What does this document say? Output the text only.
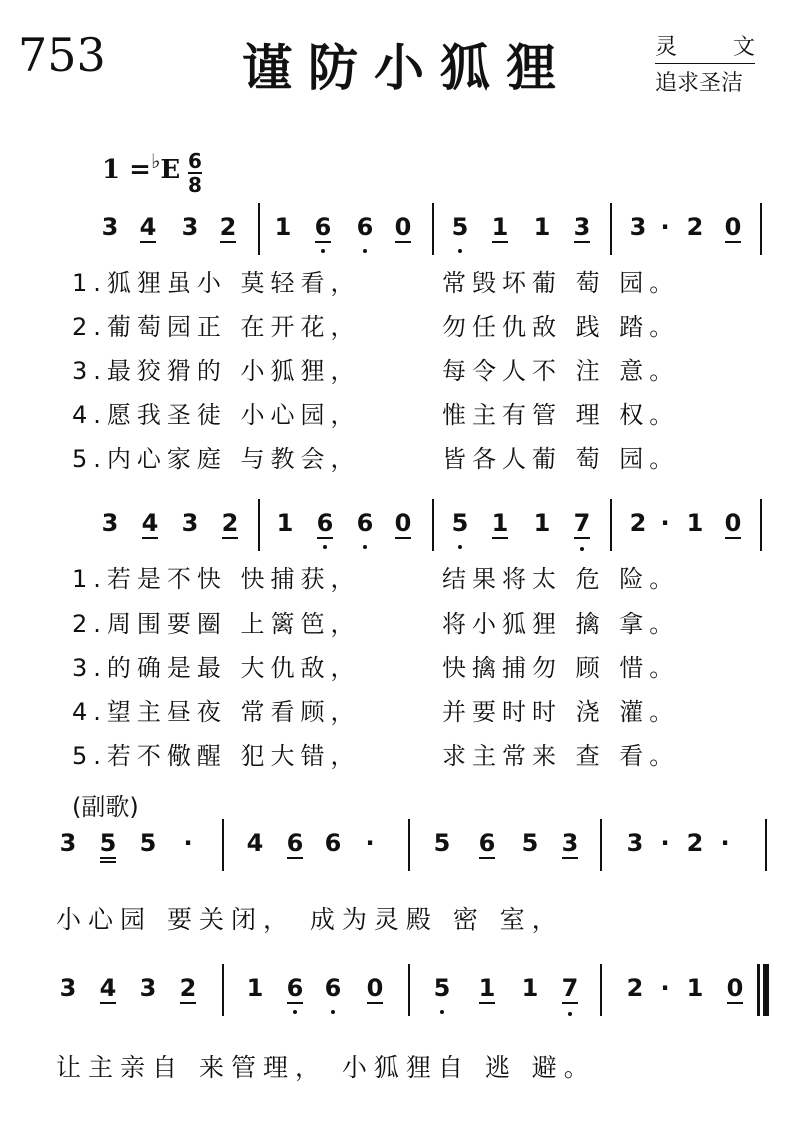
753	谨防小狐狸	灵	文
追求圣洁
1 =♭E 6
8
3 4 3 2 1 6 6 0 5 1 1 3 3 · 2 0
1.狐狸虽小 莫轻看，	常毁坏葡 萄 园。
2.葡萄园正 在开花，	勿任仇敌 践 踏。
3.最狡猾的 小狐狸，	每令人不 注 意。
4.愿我圣徒 小心园，	惟主有管 理 权。
5.内心家庭 与教会，	皆各人葡 萄 园。
3 4 3 2 1 6 6 0 5 1 1 7 2 · 1 0
1.若是不快 快捕获，	结果将太 危 险。
2.周围要圈 上篱笆，	将小狐狸 擒 拿。
3.的确是最 大仇敌，	快擒捕勿 顾 惜。
4.望主昼夜 常看顾，	并要时时 浇 灌。
5.若不儆醒 犯大错，	求主常来 查 看。
(副歌)
3 5 5 · 4 6 6 · 5 6 5 3 3 · 2 ·
小心园 要关闭， 成为灵殿 密 室，
3 4 3 2 1 6 6 0 5 1 1 7 2 · 1 0
让主亲自 来管理， 小狐狸自 逃 避。
